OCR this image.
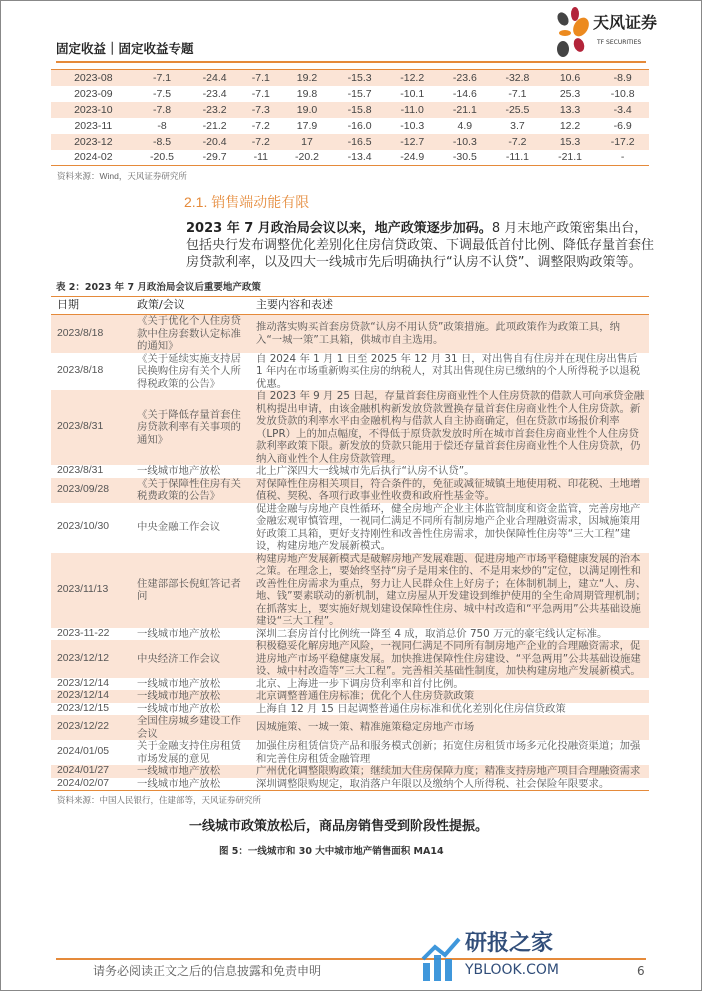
固定收益｜固定收益专题
天风证券
TF SECURITIES
2023-08	-7.1	-24.4	-7.1	19.2	-15.3	-12.2	-23.6	-32.8	10.6	-8.9
2023-09	-7.5	-23.4	-7.1	19.8	-15.7	-10.1	-14.6	-7.1	25.3	-10.8
2023-10	-7.8	-23.2	-7.3	19.0	-15.8	-11.0	-21.1	-25.5	13.3	-3.4
2023-11	-8	-21.2	-7.2	17.9	-16.0	-10.3	4.9	3.7	12.2	-6.9
2023-12	-8.5	-20.4	-7.2	17	-16.5	-12.7	-10.3	-7.2	15.3	-17.2
2024-02	-20.5	-29.7	-11	-20.2	-13.4	-24.9	-30.5	-11.1	-21.1	-
资料来源：Wind，天风证券研究所
2.1. 销售端动能有限
2023 年 7 月政治局会议以来，地产政策逐步加码。8 月末地产政策密集出台，包括央行发布调整优化差别化住房信贷政策、下调最低首付比例、降低存量首套住房贷款利率，以及四大一线城市先后明确执行“认房不认贷”、调整限购政策等。
表 2：2023 年 7 月政治局会议后重要地产政策
日期	政策/会议	主要内容和表述
2023/8/18	《关于优化个人住房贷款中住房套数认定标准的通知》	推动落实购买首套房贷款“认房不用认贷”政策措施。此项政策作为政策工具，纳入“一城一策”工具箱，供城市自主选用。
2023/8/18	《关于延续实施支持居民换购住房有关个人所得税政策的公告》	自 2024 年 1 月 1 日至 2025 年 12 月 31 日，对出售自有住房并在现住房出售后 1 年内在市场重新购买住房的纳税人，对其出售现住房已缴纳的个人所得税予以退税优惠。
2023/8/31	《关于降低存量首套住房贷款利率有关事项的通知》	自 2023 年 9 月 25 日起，存量首套住房商业性个人住房贷款的借款人可向承贷金融机构提出申请，由该金融机构新发放贷款置换存量首套住房商业性个人住房贷款。新发放贷款的利率水平由金融机构与借款人自主协商确定，但在贷款市场报价利率（LPR）上的加点幅度，不得低于原贷款发放时所在城市首套住房商业性个人住房贷款利率政策下限。新发放的贷款只能用于偿还存量首套住房商业性个人住房贷款，仍纳入商业性个人住房贷款管理。
2023/8/31	一线城市地产放松	北上广深四大一线城市先后执行“认房不认贷”。
2023/09/28	《关于保障性住房有关税费政策的公告》	对保障性住房相关项目，符合条件的，免征或减征城镇土地使用税、印花税、土地增值税、契税、各项行政事业性收费和政府性基金等。
2023/10/30	中央金融工作会议	促进金融与房地产良性循环，健全房地产企业主体监管制度和资金监管，完善房地产金融宏观审慎管理，一视同仁满足不同所有制房地产企业合理融资需求，因城施策用好政策工具箱，更好支持刚性和改善性住房需求，加快保障性住房等“三大工程”建设，构建房地产发展新模式。
2023/11/13	住建部部长倪虹答记者问	构建房地产发展新模式是破解房地产发展难题、促进房地产市场平稳健康发展的治本之策。在理念上，要始终坚持“房子是用来住的、不是用来炒的”定位，以满足刚性和改善性住房需求为重点，努力让人民群众住上好房子；在体制机制上，建立“人、房、地、钱”要素联动的新机制，建立房屋从开发建设到维护使用的全生命周期管理机制；在抓落实上，要实施好规划建设保障性住房、城中村改造和“平急两用”公共基础设施建设“三大工程”。
2023-11-22	一线城市地产放松	深圳二套房首付比例统一降至 4 成，取消总价 750 万元的豪宅线认定标准。
2023/12/12	中央经济工作会议	积极稳妥化解房地产风险，一视同仁满足不同所有制房地产企业的合理融资需求，促进房地产市场平稳健康发展。加快推进保障性住房建设、“平急两用”公共基础设施建设、城中村改造等“三大工程”。完善相关基础性制度，加快构建房地产发展新模式。
2023/12/14	一线城市地产放松	北京、上海进一步下调房贷利率和首付比例。
2023/12/14	一线城市地产放松	北京调整普通住房标准；优化个人住房贷款政策
2023/12/15	一线城市地产放松	上海自 12 月 15 日起调整普通住房标准和优化差别化住房信贷政策
2023/12/22	全国住房城乡建设工作会议	因城施策、一城一策、精准施策稳定房地产市场
2024/01/05	关于金融支持住房租赁市场发展的意见	加强住房租赁信贷产品和服务模式创新；拓宽住房租赁市场多元化投融资渠道；加强和完善住房租赁金融管理
2024/01/27	一线城市地产放松	广州优化调整限购政策；继续加大住房保障力度；精准支持房地产项目合理融资需求
2024/02/07	一线城市地产放松	深圳调整限购规定，取消落户年限以及缴纳个人所得税、社会保险年限要求。
资料来源：中国人民银行，住建部等，天风证券研究所
一线城市政策放松后，商品房销售受到阶段性提振。
图 5：一线城市和 30 大中城市地产销售面积 MA14
请务必阅读正文之后的信息披露和免责申明	6
研报之家
YBLOOK.COM
